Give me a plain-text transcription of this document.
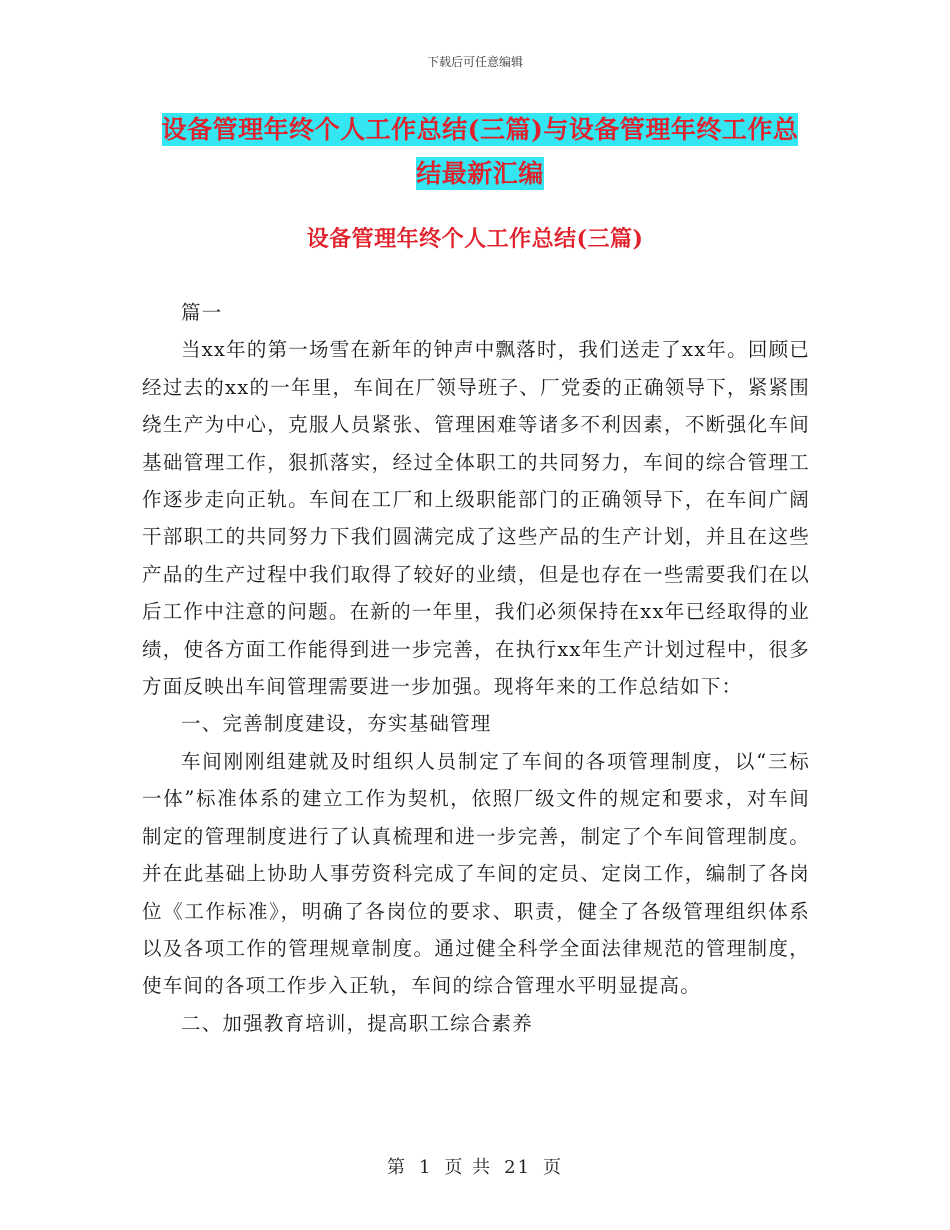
下载后可任意编辑
设备管理年终个人工作总结(三篇)与设备管理年终工作总结最新汇编
设备管理年终个人工作总结(三篇)

篇一

当xx年的第一场雪在新年的钟声中飘落时，我们送走了xx年。回顾已经过去的xx的一年里，车间在厂领导班子、厂党委的正确领导下，紧紧围绕生产为中心，克服人员紧张、管理困难等诸多不利因素，不断强化车间基础管理工作，狠抓落实，经过全体职工的共同努力，车间的综合管理工作逐步走向正轨。车间在工厂和上级职能部门的正确领导下，在车间广阔干部职工的共同努力下我们圆满完成了这些产品的生产计划，并且在这些产品的生产过程中我们取得了较好的业绩，但是也存在一些需要我们在以后工作中注意的问题。在新的一年里，我们必须保持在xx年已经取得的业绩，使各方面工作能得到进一步完善，在执行xx年生产计划过程中，很多方面反映出车间管理需要进一步加强。现将年来的工作总结如下：

一、完善制度建设，夯实基础管理

车间刚刚组建就及时组织人员制定了车间的各项管理制度，以“三标一体”标准体系的建立工作为契机，依照厂级文件的规定和要求，对车间制定的管理制度进行了认真梳理和进一步完善，制定了个车间管理制度。并在此基础上协助人事劳资科完成了车间的定员、定岗工作，编制了各岗位《工作标准》，明确了各岗位的要求、职责，健全了各级管理组织体系以及各项工作的管理规章制度。通过健全科学全面法律规范的管理制度，使车间的各项工作步入正轨，车间的综合管理水平明显提高。

二、加强教育培训，提高职工综合素养

第 1 页 共 21 页
